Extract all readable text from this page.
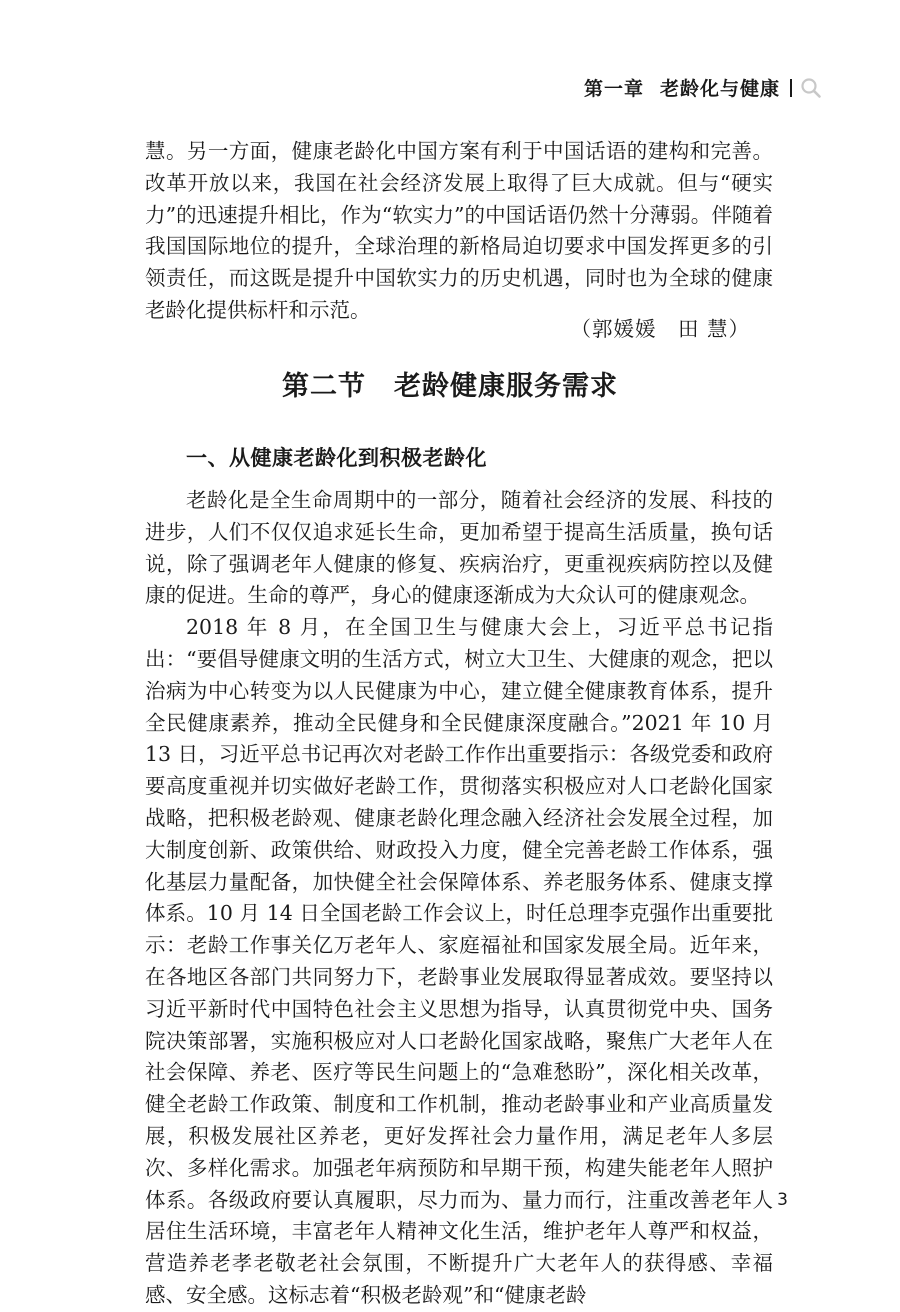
第一章 老龄化与健康

慧。另一方面，健康老龄化中国方案有利于中国话语的建构和完善。改革开放以来，我国在社会经济发展上取得了巨大成就。但与“硬实力”的迅速提升相比，作为“软实力”的中国话语仍然十分薄弱。伴随着我国国际地位的提升，全球治理的新格局迫切要求中国发挥更多的引领责任，而这既是提升中国软实力的历史机遇，同时也为全球的健康老龄化提供标杆和示范。

（郭媛媛　田 慧）
第二节　老龄健康服务需求
一、从健康老龄化到积极老龄化

老龄化是全生命周期中的一部分，随着社会经济的发展、科技的进步，人们不仅仅追求延长生命，更加希望于提高生活质量，换句话说，除了强调老年人健康的修复、疾病治疗，更重视疾病防控以及健康的促进。生命的尊严，身心的健康逐渐成为大众认可的健康观念。

2018 年 8 月，在全国卫生与健康大会上，习近平总书记指出：“要倡导健康文明的生活方式，树立大卫生、大健康的观念，把以治病为中心转变为以人民健康为中心，建立健全健康教育体系，提升全民健康素养，推动全民健身和全民健康深度融合。”2021 年 10 月 13 日，习近平总书记再次对老龄工作作出重要指示：各级党委和政府要高度重视并切实做好老龄工作，贯彻落实积极应对人口老龄化国家战略，把积极老龄观、健康老龄化理念融入经济社会发展全过程，加大制度创新、政策供给、财政投入力度，健全完善老龄工作体系，强化基层力量配备，加快健全社会保障体系、养老服务体系、健康支撑体系。10 月 14 日全国老龄工作会议上，时任总理李克强作出重要批示：老龄工作事关亿万老年人、家庭福祉和国家发展全局。近年来，在各地区各部门共同努力下，老龄事业发展取得显著成效。要坚持以习近平新时代中国特色社会主义思想为指导，认真贯彻党中央、国务院决策部署，实施积极应对人口老龄化国家战略，聚焦广大老年人在社会保障、养老、医疗等民生问题上的“急难愁盼”，深化相关改革，健全老龄工作政策、制度和工作机制，推动老龄事业和产业高质量发展，积极发展社区养老，更好发挥社会力量作用，满足老年人多层次、多样化需求。加强老年病预防和早期干预，构建失能老年人照护体系。各级政府要认真履职，尽力而为、量力而行，注重改善老年人居住生活环境，丰富老年人精神文化生活，维护老年人尊严和权益，营造养老孝老敬老社会氛围，不断提升广大老年人的获得感、幸福感、安全感。这标志着“积极老龄观”和“健康老龄

3
